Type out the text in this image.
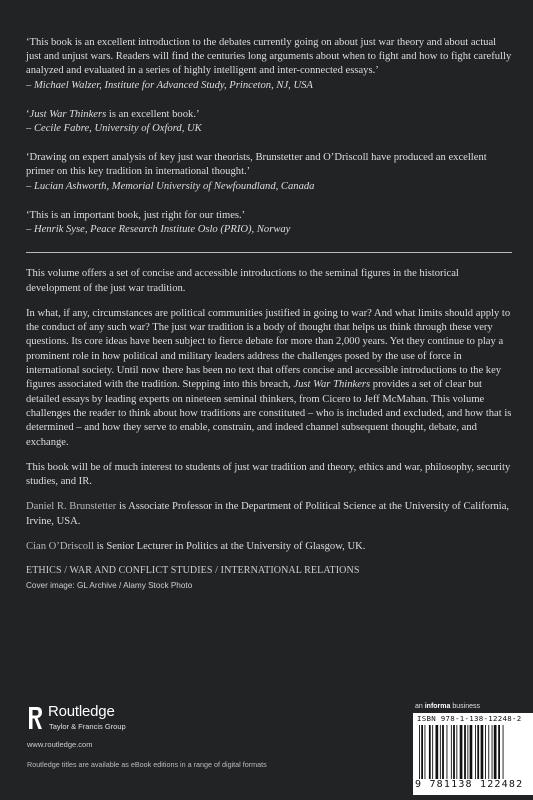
‘This book is an excellent introduction to the debates currently going on about just war theory and about actual just and unjust wars. Readers will find the centuries long arguments about when to fight and how to fight carefully analyzed and evaluated in a series of highly intelligent and inter-connected essays.’
– Michael Walzer, Institute for Advanced Study, Princeton, NJ, USA
‘Just War Thinkers is an excellent book.’
– Cecile Fabre, University of Oxford, UK
‘Drawing on expert analysis of key just war theorists, Brunstetter and O’Driscoll have produced an excellent primer on this key tradition in international thought.’
– Lucian Ashworth, Memorial University of Newfoundland, Canada
‘This is an important book, just right for our times.’
– Henrik Syse, Peace Research Institute Oslo (PRIO), Norway

This volume offers a set of concise and accessible introductions to the seminal figures in the historical development of the just war tradition.

In what, if any, circumstances are political communities justified in going to war? And what limits should apply to the conduct of any such war? The just war tradition is a body of thought that helps us think through these very questions. Its core ideas have been subject to fierce debate for more than 2,000 years. Yet they continue to play a prominent role in how political and military leaders address the challenges posed by the use of force in international society. Until now there has been no text that offers concise and accessible introductions to the key figures associated with the tradition. Stepping into this breach, Just War Thinkers provides a set of clear but detailed essays by leading experts on nineteen seminal thinkers, from Cicero to Jeff McMahan. This volume challenges the reader to think about how traditions are constituted – who is included and excluded, and how that is determined – and how they serve to enable, constrain, and indeed channel subsequent thought, debate, and exchange.

This book will be of much interest to students of just war tradition and theory, ethics and war, philosophy, security studies, and IR.

Daniel R. Brunstetter is Associate Professor in the Department of Political Science at the University of California, Irvine, USA.

Cian O’Driscoll is Senior Lecturer in Politics at the University of Glasgow, UK.

ETHICS / WAR AND CONFLICT STUDIES / INTERNATIONAL RELATIONS
Cover image: GL Archive / Alamy Stock Photo
Routledge
Taylor & Francis Group
www.routledge.com
Routledge titles are available as eBook editions in a range of digital formats
an informa business
ISBN 978-1-138-12248-2
9 781138 122482
